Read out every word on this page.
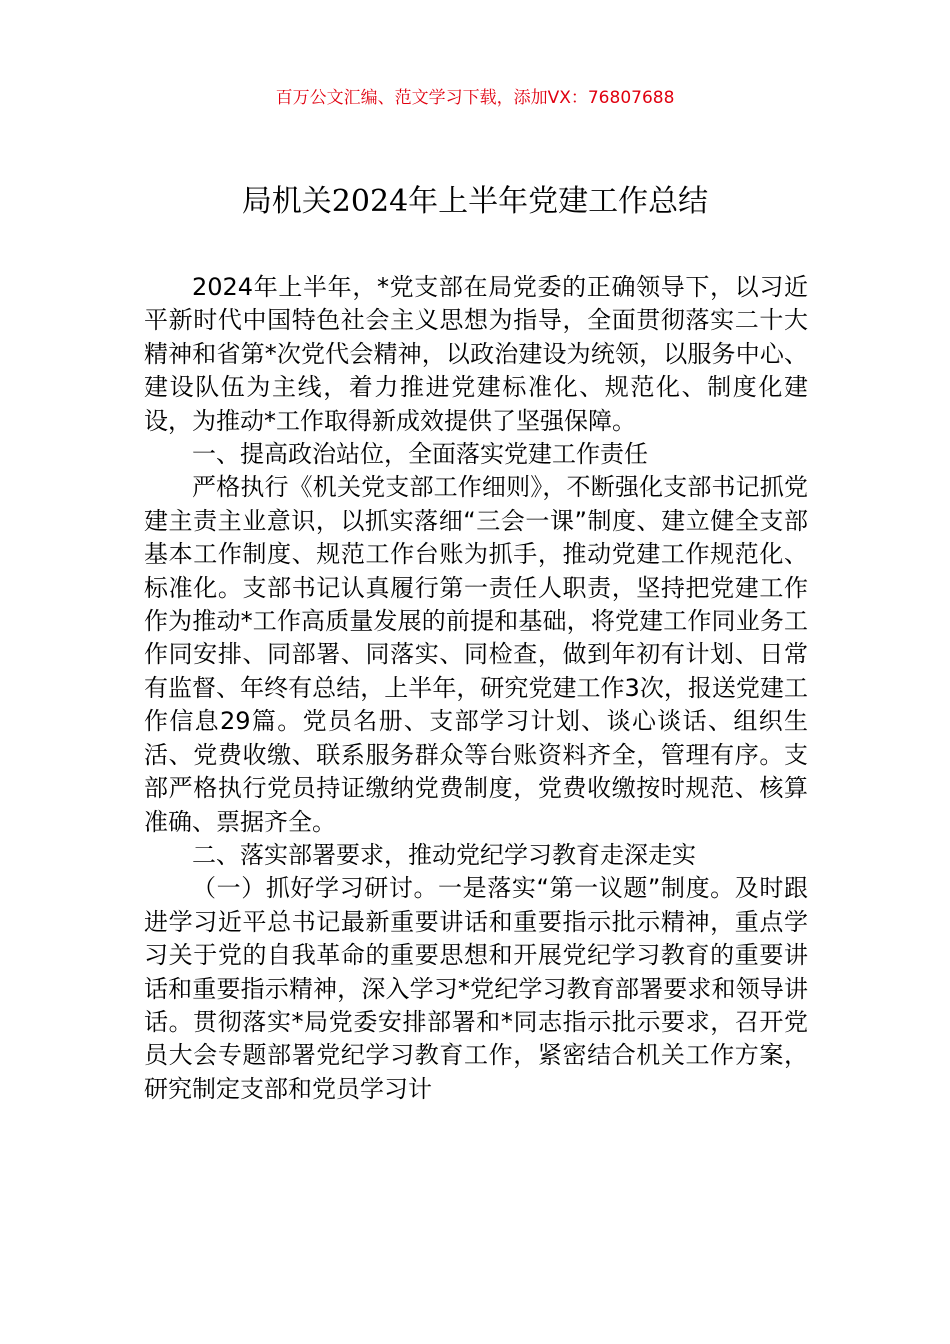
百万公文汇编、范文学习下载，添加VX：76807688
局机关2024年上半年党建工作总结

2024年上半年，*党支部在局党委的正确领导下，以习近平新时代中国特色社会主义思想为指导，全面贯彻落实二十大精神和省第*次党代会精神，以政治建设为统领，以服务中心、建设队伍为主线，着力推进党建标准化、规范化、制度化建设，为推动*工作取得新成效提供了坚强保障。

一、提高政治站位，全面落实党建工作责任

严格执行《机关党支部工作细则》，不断强化支部书记抓党建主责主业意识，以抓实落细“三会一课”制度、建立健全支部基本工作制度、规范工作台账为抓手，推动党建工作规范化、标准化。支部书记认真履行第一责任人职责，坚持把党建工作作为推动*工作高质量发展的前提和基础，将党建工作同业务工作同安排、同部署、同落实、同检查，做到年初有计划、日常有监督、年终有总结，上半年，研究党建工作3次，报送党建工作信息29篇。党员名册、支部学习计划、谈心谈话、组织生活、党费收缴、联系服务群众等台账资料齐全，管理有序。支部严格执行党员持证缴纳党费制度，党费收缴按时规范、核算准确、票据齐全。

二、落实部署要求，推动党纪学习教育走深走实

（一）抓好学习研讨。一是落实“第一议题”制度。及时跟进学习近平总书记最新重要讲话和重要指示批示精神，重点学习关于党的自我革命的重要思想和开展党纪学习教育的重要讲话和重要指示精神，深入学习*党纪学习教育部署要求和领导讲话。贯彻落实*局党委安排部署和*同志指示批示要求，召开党员大会专题部署党纪学习教育工作，紧密结合机关工作方案，研究制定支部和党员学习计
